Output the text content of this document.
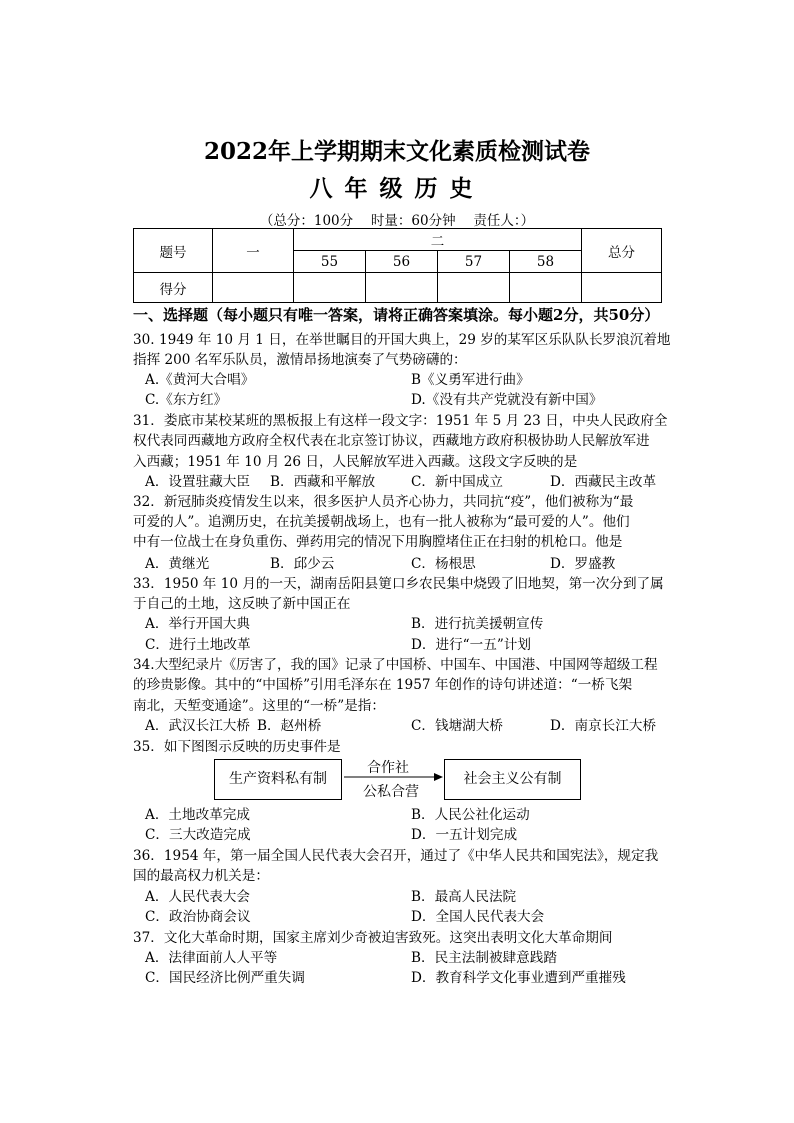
2022年上学期期末文化素质检测试卷
八年级历史
（总分：100分　 时量：60分钟　 责任人：）
题号	一	二				总分
		55	56	57	58	
得分						
一、选择题（每小题只有唯一答案，请将正确答案填涂。每小题2分，共50分）
30. 1949 年 10 月 1 日，在举世瞩目的开国大典上，29 岁的某军区乐队队长罗浪沉着地
指挥 200 名军乐队员，激情昂扬地演奏了气势磅礴的：
A.《黄河大合唱》	B《义勇军进行曲》
C.《东方红》	D.《没有共产党就没有新中国》
31．娄底市某校某班的黑板报上有这样一段文字：1951 年 5 月 23 日，中央人民政府全
权代表同西藏地方政府全权代表在北京签订协议，西藏地方政府积极协助人民解放军进
入西藏；1951 年 10 月 26 日，人民解放军进入西藏。这段文字反映的是
A．设置驻藏大臣 B．西藏和平解放	C．新中国成立	D．西藏民主改革
32．新冠肺炎疫情发生以来，很多医护人员齐心协力，共同抗“疫”，他们被称为“最
可爱的人”。追溯历史，在抗美援朝战场上，也有一批人被称为“最可爱的人”。他们
中有一位战士在身负重伤、弹药用完的情况下用胸膛堵住正在扫射的机枪口。他是
A．黄继光	B．邱少云	C．杨根思	D．罗盛教
33．1950 年 10 月的一天，湖南岳阳县筻口乡农民集中烧毁了旧地契，第一次分到了属
于自己的土地，这反映了新中国正在
A．举行开国大典	B．进行抗美援朝宣传
C．进行土地改革	D．进行“一五”计划
34.大型纪录片《厉害了，我的国》记录了中国桥、中国车、中国港、中国网等超级工程
的珍贵影像。其中的“中国桥”引用毛泽东在 1957 年创作的诗句讲述道：“一桥飞架
南北，天堑变通途”。这里的“一桥”是指：
A．武汉长江大桥 B．赵州桥	C．钱塘湖大桥	D．南京长江大桥
35．如下图图示反映的历史事件是
生产资料私有制
合作社
公私合营
社会主义公有制
A．土地改革完成	B．人民公社化运动
C．三大改造完成	D．一五计划完成
36．1954 年，第一届全国人民代表大会召开，通过了《中华人民共和国宪法》，规定我
国的最高权力机关是：
A．人民代表大会	B．最高人民法院
C．政治协商会议	D．全国人民代表大会
37．文化大革命时期，国家主席刘少奇被迫害致死。这突出表明文化大革命期间
A．法律面前人人平等	B．民主法制被肆意践踏
C．国民经济比例严重失调	D．教育科学文化事业遭到严重摧残
